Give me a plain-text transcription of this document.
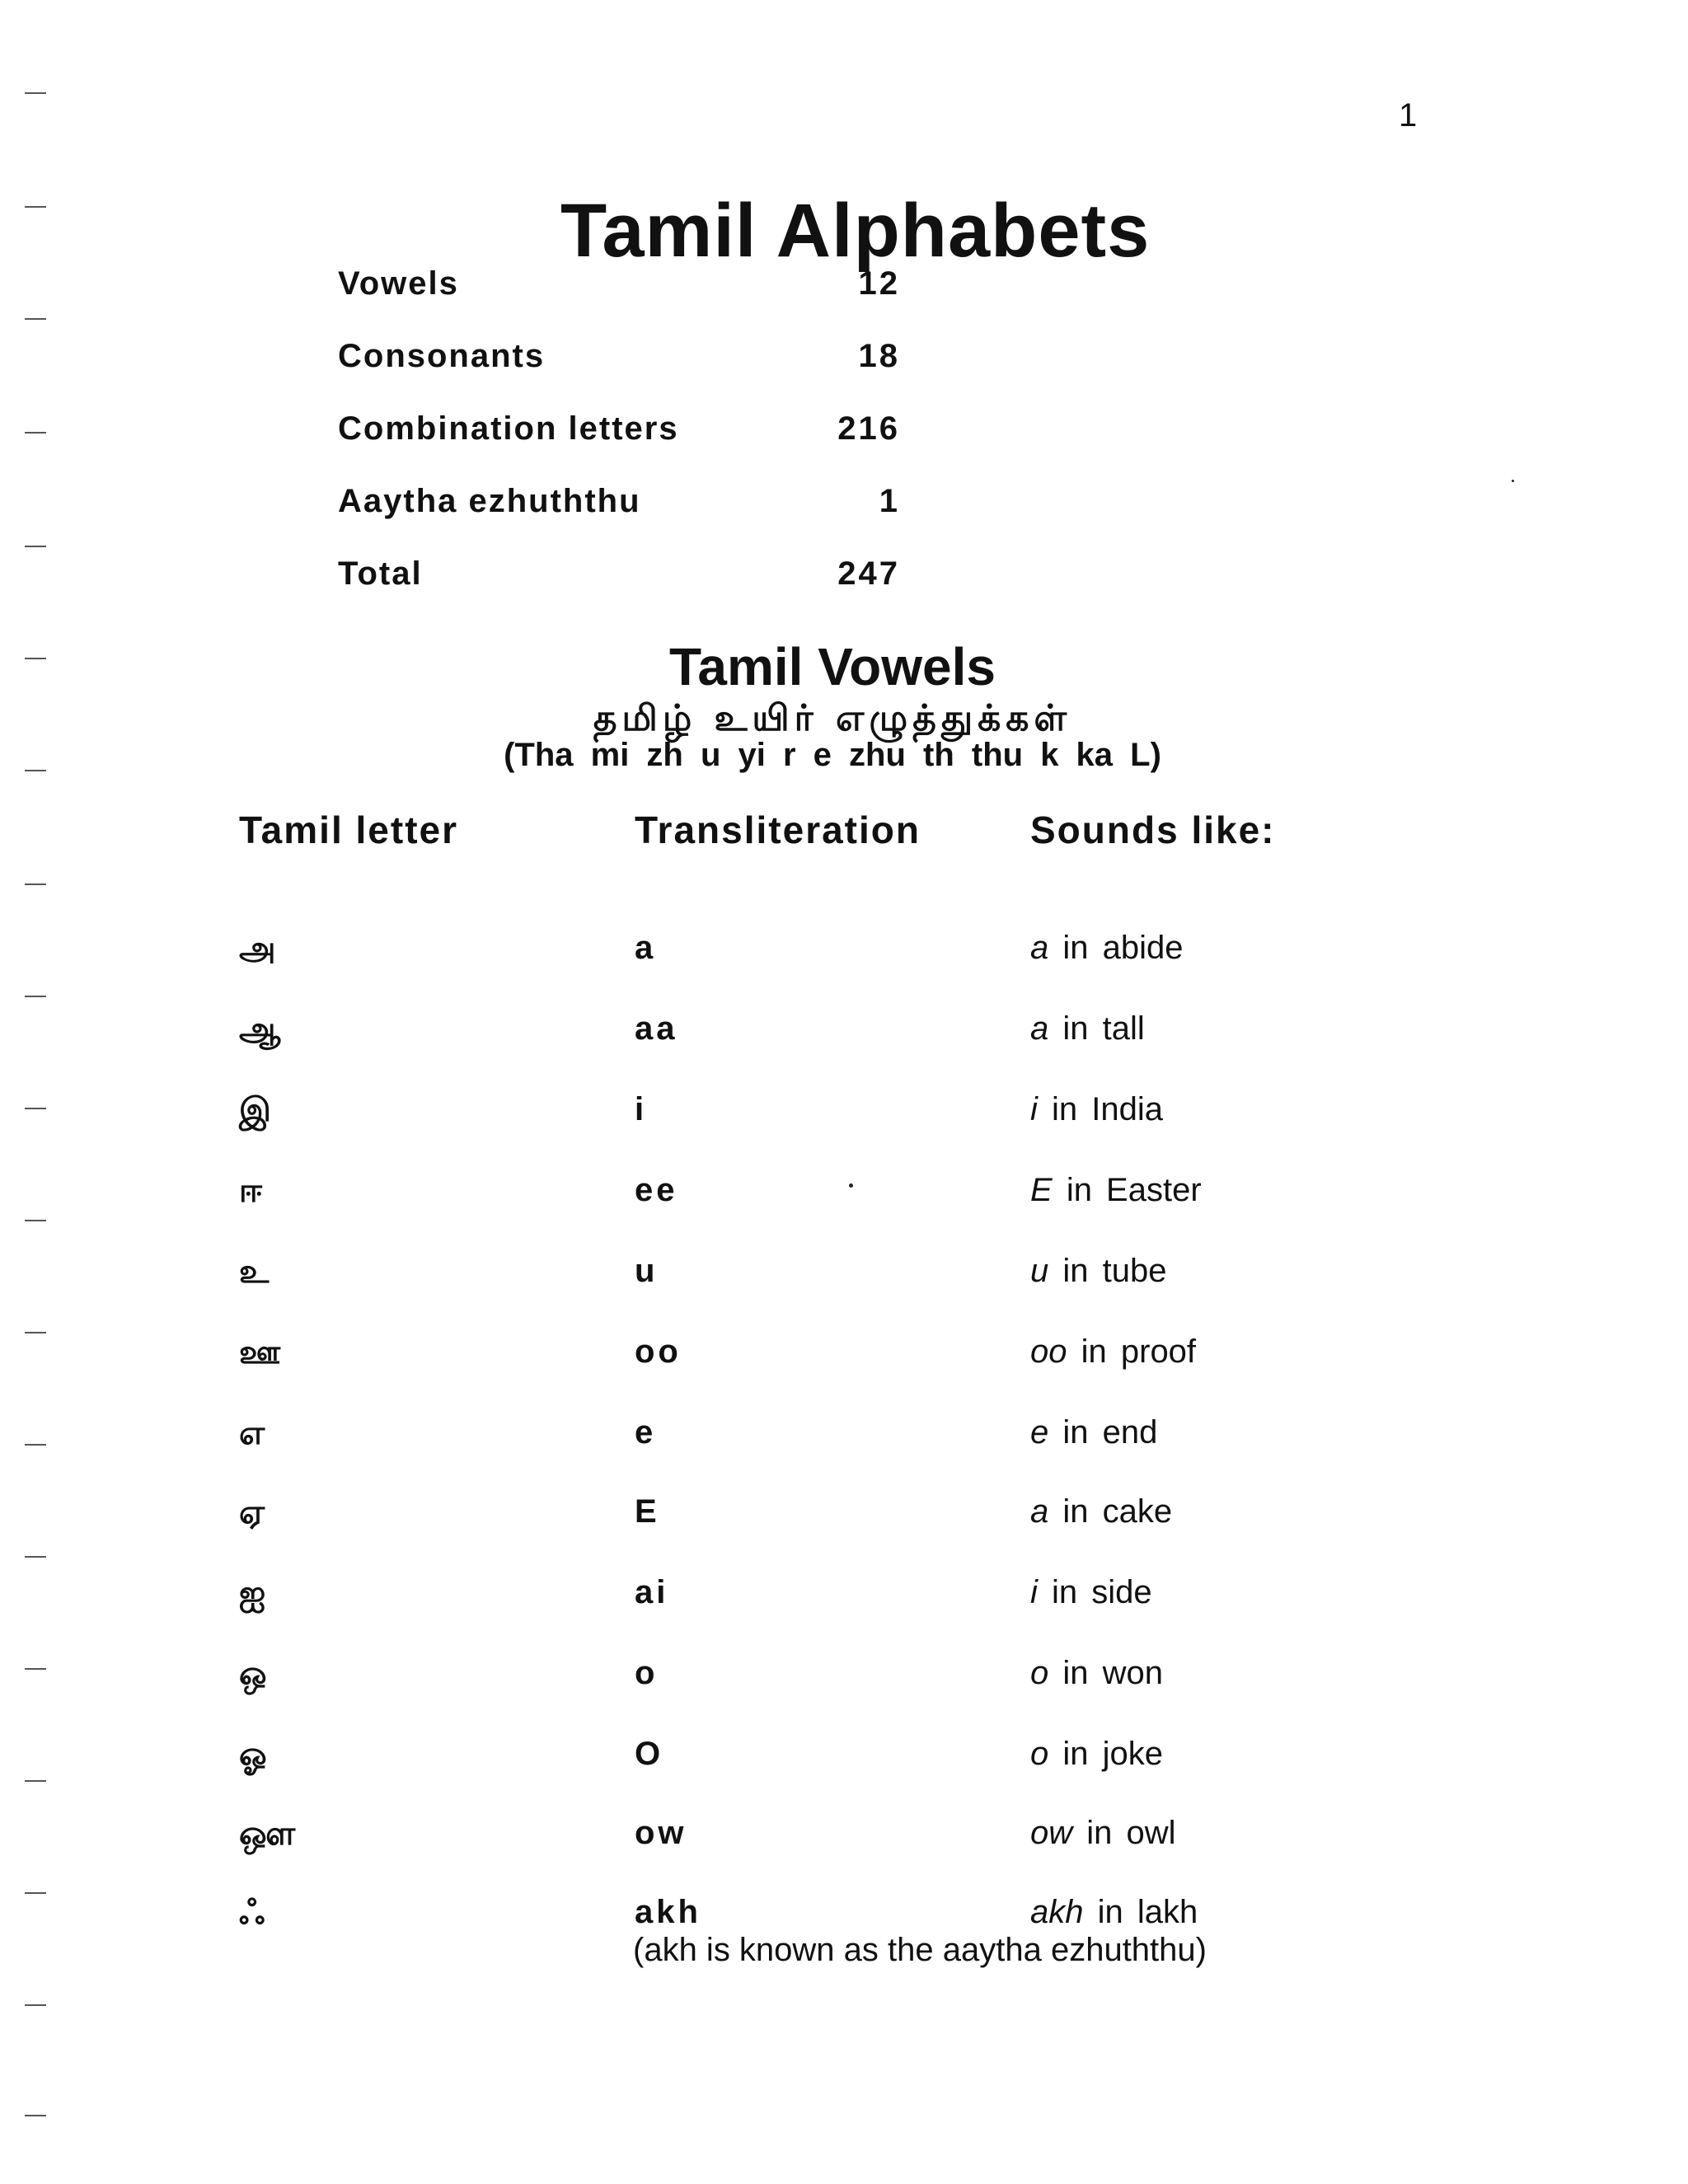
1
Tamil Alphabets
Vowels	12
Consonants	18
Combination letters	216
Aaytha ezhuththu	1
Total	247
Tamil Vowels
தமிழ் உயிர் எழுத்துக்கள்
(Tha mi zh u yi r e zhu th thu k ka L)
Tamil letter	Transliteration	Sounds like:
அ	a	a in abide
ஆ	aa	a in tall
இ	i	i in India
ஈ	ee	E in Easter
உ	u	u in tube
ஊ	oo	oo in proof
எ	e	e in end
ஏ	E	a in cake
ஐ	ai	i in side
ஒ	o	o in won
ஓ	O	o in joke
ஔ	ow	ow in owl
ஃ	akh	akh in lakh
(akh is known as the aaytha ezhuththu)
